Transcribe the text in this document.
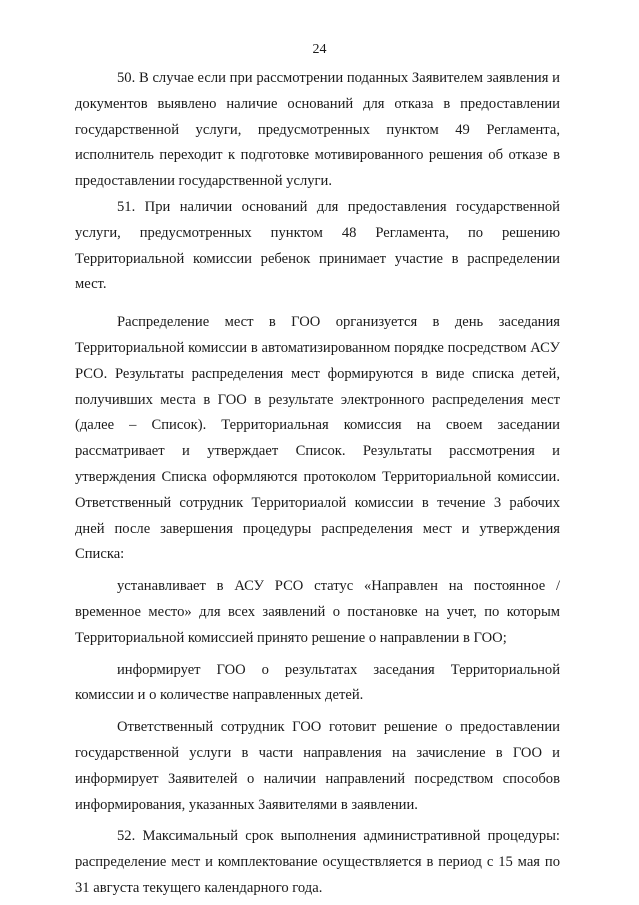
24

50. В случае если при рассмотрении поданных Заявителем заявления и документов выявлено наличие оснований для отказа в предоставлении государственной услуги, предусмотренных пунктом 49 Регламента, исполнитель переходит к подготовке мотивированного решения об отказе в предоставлении государственной услуги.

51. При наличии оснований для предоставления государственной услуги, предусмотренных пунктом 48 Регламента, по решению Территориальной комиссии ребенок принимает участие в распределении мест.

Распределение мест в ГОО организуется в день заседания Территориальной комиссии в автоматизированном порядке посредством АСУ РСО. Результаты распределения мест формируются в виде списка детей, получивших места в ГОО в результате электронного распределения мест (далее – Список). Территориальная комиссия на своем заседании рассматривает и утверждает Список. Результаты рассмотрения и утверждения Списка оформляются протоколом Территориальной комиссии. Ответственный сотрудник Территориалой комиссии в течение 3 рабочих дней после завершения процедуры распределения мест и утверждения Списка:

устанавливает в АСУ РСО статус «Направлен на постоянное / временное место» для всех заявлений о постановке на учет, по которым Территориальной комиссией принято решение о направлении в ГОО;

информирует ГОО о результатах заседания Территориальной комиссии и о количестве направленных детей.

Ответственный сотрудник ГОО готовит решение о предоставлении государственной услуги в части направления на зачисление в ГОО и информирует Заявителей о наличии направлений посредством способов информирования, указанных Заявителями в заявлении.

52. Максимальный срок выполнения административной процедуры: распределение мест и комплектование осуществляется в период с 15 мая по 31 августа текущего календарного года.
